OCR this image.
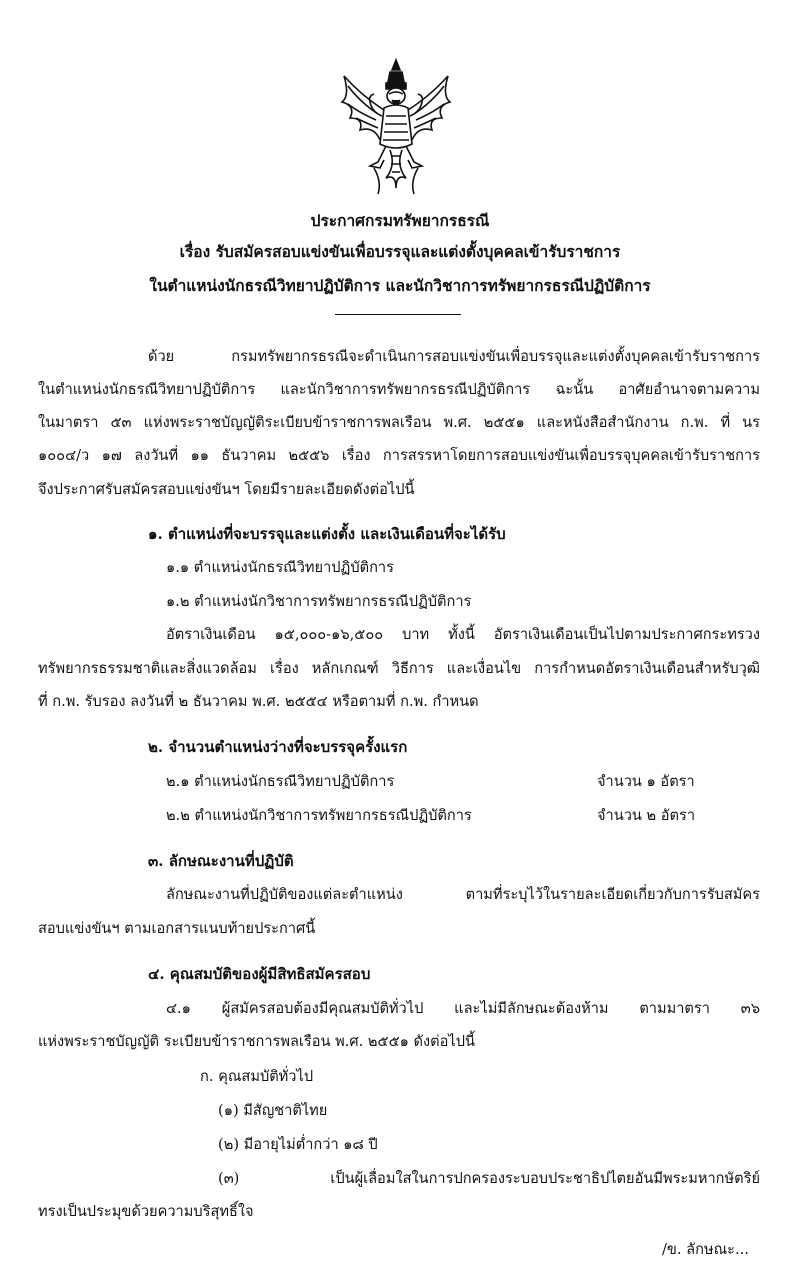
ประกาศกรมทรัพยากรธรณี
เรื่อง รับสมัครสอบแข่งขันเพื่อบรรจุและแต่งตั้งบุคคลเข้ารับราชการ
ในตำแหน่งนักธรณีวิทยาปฏิบัติการ และนักวิชาการทรัพยากรธรณีปฏิบัติการ
ด้วย กรมทรัพยากรธรณีจะดำเนินการสอบแข่งขันเพื่อบรรจุและแต่งตั้งบุคคลเข้ารับราชการ
ในตำแหน่งนักธรณีวิทยาปฏิบัติการ และนักวิชาการทรัพยากรธรณีปฏิบัติการ ฉะนั้น อาศัยอำนาจตามความ
ในมาตรา ๕๓ แห่งพระราชบัญญัติระเบียบข้าราชการพลเรือน พ.ศ. ๒๕๕๑ และหนังสือสำนักงาน ก.พ. ที่ นร
๑๐๐๔/ว ๑๗ ลงวันที่ ๑๑ ธันวาคม ๒๕๕๖ เรื่อง การสรรหาโดยการสอบแข่งขันเพื่อบรรจุบุคคลเข้ารับราชการ
จึงประกาศรับสมัครสอบแข่งขันฯ โดยมีรายละเอียดดังต่อไปนี้
๑. ตำแหน่งที่จะบรรจุและแต่งตั้ง และเงินเดือนที่จะได้รับ
๑.๑ ตำแหน่งนักธรณีวิทยาปฏิบัติการ
๑.๒ ตำแหน่งนักวิชาการทรัพยากรธรณีปฏิบัติการ
อัตราเงินเดือน ๑๕,๐๐๐-๑๖,๕๐๐ บาท ทั้งนี้ อัตราเงินเดือนเป็นไปตามประกาศกระทรวง
ทรัพยากรธรรมชาติและสิ่งแวดล้อม เรื่อง หลักเกณฑ์ วิธีการ และเงื่อนไข การกำหนดอัตราเงินเดือนสำหรับวุฒิ
ที่ ก.พ. รับรอง ลงวันที่ ๒ ธันวาคม พ.ศ. ๒๕๕๔ หรือตามที่ ก.พ. กำหนด
๒. จำนวนตำแหน่งว่างที่จะบรรจุครั้งแรก
๒.๑ ตำแหน่งนักธรณีวิทยาปฏิบัติการ	จำนวน ๑ อัตรา
๒.๒ ตำแหน่งนักวิชาการทรัพยากรธรณีปฏิบัติการ	จำนวน ๒ อัตรา
๓. ลักษณะงานที่ปฏิบัติ
ลักษณะงานที่ปฏิบัติของแต่ละตำแหน่ง ตามที่ระบุไว้ในรายละเอียดเกี่ยวกับการรับสมัคร
สอบแข่งขันฯ ตามเอกสารแนบท้ายประกาศนี้
๔. คุณสมบัติของผู้มีสิทธิสมัครสอบ
๔.๑ ผู้สมัครสอบต้องมีคุณสมบัติทั่วไป และไม่มีลักษณะต้องห้าม ตามมาตรา ๓๖
แห่งพระราชบัญญัติ ระเบียบข้าราชการพลเรือน พ.ศ. ๒๕๕๑ ดังต่อไปนี้
ก. คุณสมบัติทั่วไป
(๑) มีสัญชาติไทย
(๒) มีอายุไม่ต่ำกว่า ๑๘ ปี
(๓) เป็นผู้เลื่อมใสในการปกครองระบอบประชาธิปไตยอันมีพระมหากษัตริย์
ทรงเป็นประมุขด้วยความบริสุทธิ์ใจ
/ข. ลักษณะ...
